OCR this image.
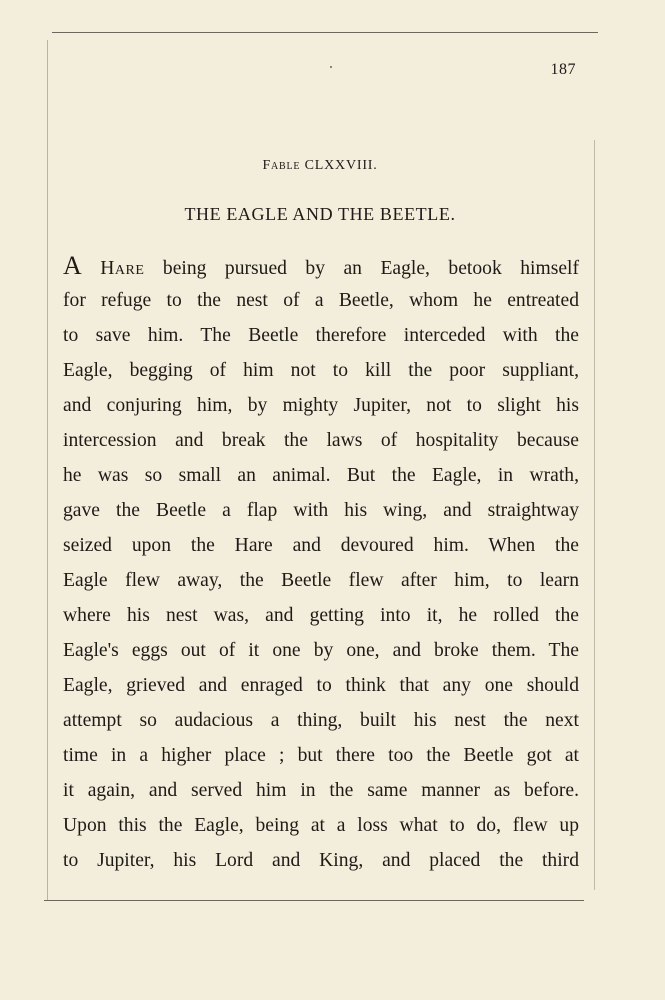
187
Fable CLXXVIII.
THE EAGLE AND THE BEETLE.
A Hare being pursued by an Eagle, betook himself
for refuge to the nest of a Beetle, whom he entreated
to save him. The Beetle therefore interceded with the
Eagle, begging of him not to kill the poor suppliant,
and conjuring him, by mighty Jupiter, not to slight his
intercession and break the laws of hospitality because
he was so small an animal. But the Eagle, in wrath,
gave the Beetle a flap with his wing, and straightway
seized upon the Hare and devoured him. When the
Eagle flew away, the Beetle flew after him, to learn
where his nest was, and getting into it, he rolled the
Eagle's eggs out of it one by one, and broke them. The
Eagle, grieved and enraged to think that any one should
attempt so audacious a thing, built his nest the next
time in a higher place ; but there too the Beetle got at
it again, and served him in the same manner as before.
Upon this the Eagle, being at a loss what to do, flew up
to Jupiter, his Lord and King, and placed the third
